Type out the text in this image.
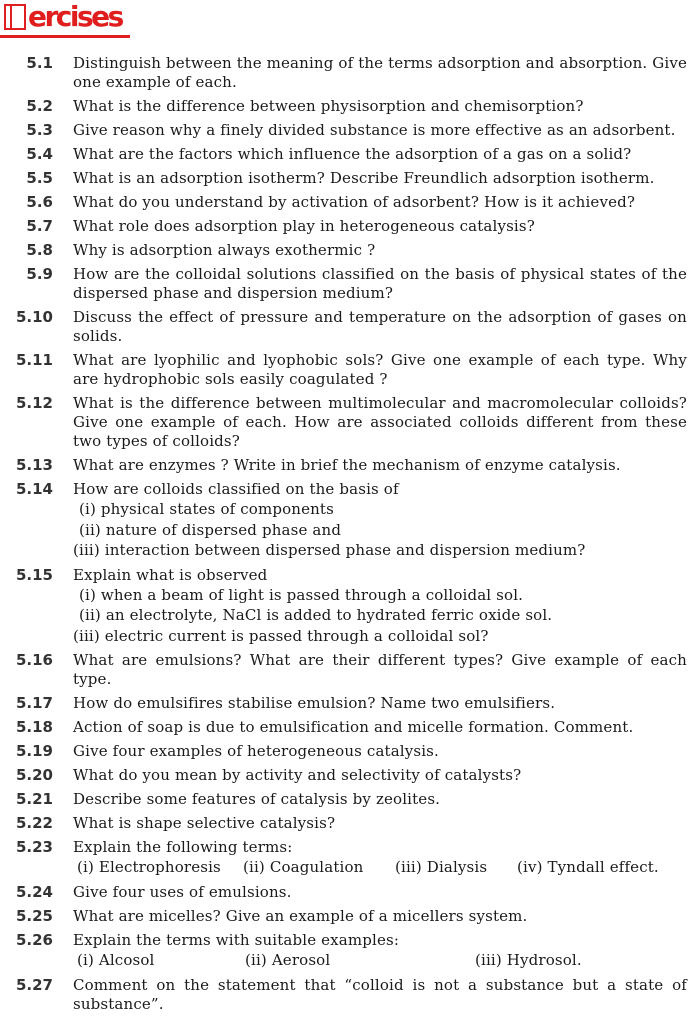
ercises
5.1 Distinguish between the meaning of the terms adsorption and absorption. Give one example of each.
5.2 What is the difference between physisorption and chemisorption?
5.3 Give reason why a finely divided substance is more effective as an adsorbent.
5.4 What are the factors which influence the adsorption of a gas on a solid?
5.5 What is an adsorption isotherm? Describe Freundlich adsorption isotherm.
5.6 What do you understand by activation of adsorbent? How is it achieved?
5.7 What role does adsorption play in heterogeneous catalysis?
5.8 Why is adsorption always exothermic ?
5.9 How are the colloidal solutions classified on the basis of physical states of the dispersed phase and dispersion medium?
5.10 Discuss the effect of pressure and temperature on the adsorption of gases on solids.
5.11 What are lyophilic and lyophobic sols? Give one example of each type. Why are hydrophobic sols easily coagulated ?
5.12 What is the difference between multimolecular and macromolecular colloids? Give one example of each. How are associated colloids different from these two types of colloids?
5.13 What are enzymes ? Write in brief the mechanism of enzyme catalysis.
5.14 How are colloids classified on the basis of
(i) physical states of components
(ii) nature of dispersed phase and
(iii) interaction between dispersed phase and dispersion medium?
5.15 Explain what is observed
(i) when a beam of light is passed through a colloidal sol.
(ii) an electrolyte, NaCl is added to hydrated ferric oxide sol.
(iii) electric current is passed through a colloidal sol?
5.16 What are emulsions? What are their different types? Give example of each type.
5.17 How do emulsifires stabilise emulsion? Name two emulsifiers.
5.18 Action of soap is due to emulsification and micelle formation. Comment.
5.19 Give four examples of heterogeneous catalysis.
5.20 What do you mean by activity and selectivity of catalysts?
5.21 Describe some features of catalysis by zeolites.
5.22 What is shape selective catalysis?
5.23 Explain the following terms:
(i) Electrophoresis (ii) Coagulation (iii) Dialysis (iv) Tyndall effect.
5.24 Give four uses of emulsions.
5.25 What are micelles? Give an example of a micellers system.
5.26 Explain the terms with suitable examples:
(i) Alcosol	(ii) Aerosol	(iii) Hydrosol.
5.27 Comment on the statement that “colloid is not a substance but a state of substance”.
